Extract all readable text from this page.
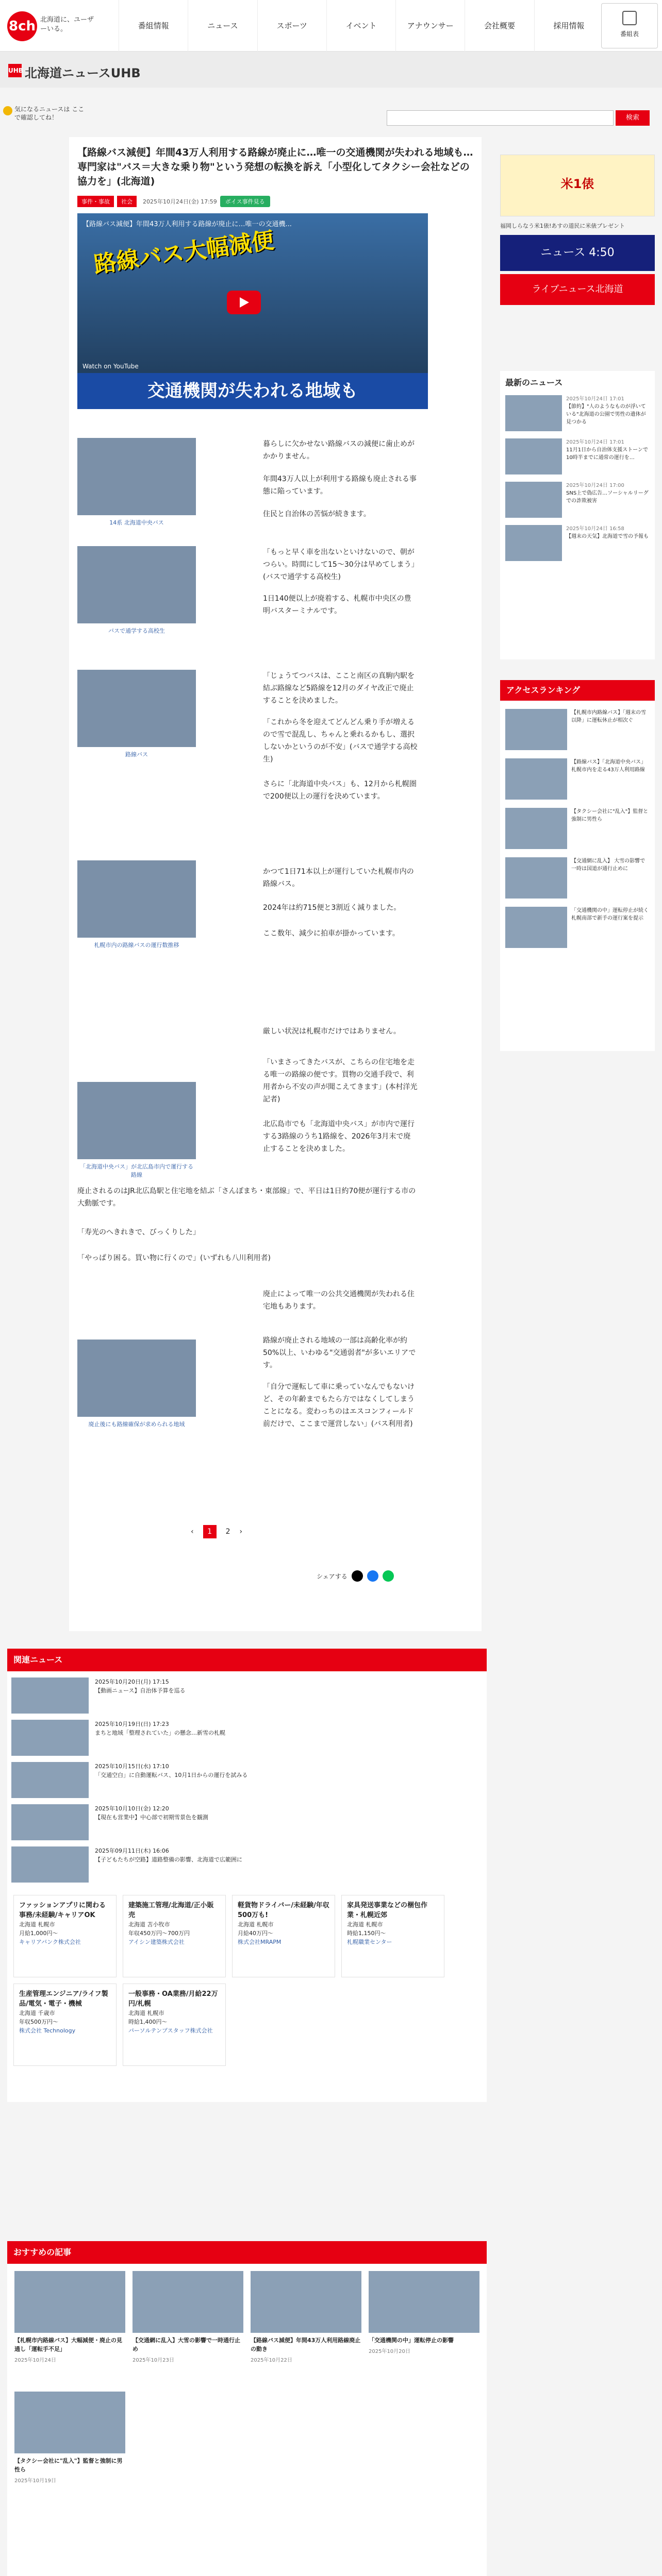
8ch 北海道に、ユーザーいる。	番組情報	ニュース	スポーツ	イベント	アナウンサー	会社概要	採用情報
番組表
UHB 北海道ニュースUHB
気になるニュースは ここで確認してね！	検索
【路線バス減便】年間43万人利用する路線が廃止に…唯一の交通機関が失われる地域も…専門家は"バス＝大きな乗り物"という発想の転換を訴え「小型化してタクシー会社などの協力を」(北海道)
事件・事故	社会	2025年10月24日(金) 17:59	ボイス事件見る
【路線バス減便】年間43万人利用する路線が廃止に…唯一の交通機...
路線バス大幅減便
Watch on YouTube
交通機関が失われる地域も
14系 北海道中央バス
暮らしに欠かせない路線バスの減便に歯止めがかかりません。
年間43万人以上が利用する路線も廃止される事態に陥っています。
住民と自治体の苦悩が続きます。
バスで通学する高校生
「もっと早く車を出ないといけないので、朝がつらい。時間にして15～30分は早めてしまう」(バスで通学する高校生)
1日140便以上が廃着する、札幌市中央区の豊明バスターミナルです。
路線バス
「じょうてつバスは、ここと南区の真駒内駅を結ぶ路線など5路線を12月のダイヤ改正で廃止することを決めました。
「これから冬を迎えてどんどん乗り手が増えるので雪で混乱し、ちゃんと乗れるかもし、選択しないかというのが不安」(バスで通学する高校生)
さらに「北海道中央バス」も、12月から札幌圏で200便以上の運行を決めています。
札幌市内の路線バスの運行数推移
かつて1日71本以上が運行していた札幌市内の路線バス。
2024年は約715便と3割近く減りました。
ここ数年、減少に拍車が掛かっています。
「北海道中央バス」が北広島市内で運行する路線
厳しい状況は札幌市だけではありません。
「いまさってきたバスが、こちらの住宅地を走る唯一の路線の便です。買物の交通手段で、利用者から不安の声が聞こえてきます」(本村洋光記者)
北広島市でも「北海道中央バス」が市内で運行する3路線のうち1路線を、2026年3月末で廃止することを決めました。
廃止されるのはJR北広島駅と住宅地を結ぶ「さんぽまち・東部線」で、平日は1日約70便が運行する市の大動脈です。
「寿光のへきれきで、びっくりした」
「やっぱり困る。買い物に行くので」(いずれも八川利用者)
廃止後にも路線確保が求められる地域
廃止によって唯一の公共交通機関が失われる住宅地もあります。
路線が廃止される地域の一部は高齢化率が約50%以上、いわゆる"交通弱者"が多いエリアです。
「自分で運転して車に乗っていなんでもないけど、その年齢までもたら方ではなくしてしまうことになる。変わっちのはエスコンフィールド前だけで、ここまで運営しない」(バス利用者)
‹	1	2 ›
シェアする
米1俵
福岡しらなう米1俵!あすの道民に米俵プレゼント
ニュース 4:50
ライブニュース北海道
最新のニュース
2025年10月24日 17:01
【節約】"人のようなものが浮いている"北海道の公園で男性の遺体が見つかる
2025年10月24日 17:01
11月1日から自治体支援ストーンで10時半までに通常の運行を…
2025年10月24日 17:00
SNS上で偽広告…ソーシャルリーグでの詐欺被害
2025年10月24日 16:58
【週末の天気】北海道で雪の予報も
アクセスランキング
【札幌市内路線バス】「週末の雪以降」に運転休止が相次ぐ
【路線バス】「北海道中央バス」札幌市内を走る43万人利用路線
【タクシー会社に"乱入"】監督と強制に男性ら
【交通網に乱入】 大雪の影響で一時は国道が通行止めに
「交通機関の中」運転停止が続く札幌南部で新手の運行案を提示
関連ニュース
2025年10月20日(月) 17:15
【動画ニュース】自治体予算を巡る
2025年10月19日(日) 17:23
まちと地域「整理されていた」の懸念…新雪の札幌
2025年10月15日(水) 17:10
「交通空白」に自動運転バス、10月1日からの運行を試みる
2025年10月10日(金) 12:20
【現在も営業中】中心部で初期雪景色を観測
2025年09月11日(木) 16:06
【子どもたちが空路】道路整備の影響、北海道で広範囲に
ファッションアプリに関わる事務/未経験/キャリアOK
北海道 札幌市
月給1,000円～
キャリアバンク株式会社
建築施工管理/北海道/正小販売
北海道 苫小牧市
年収450万円～700万円
アイシン建築株式会社
軽貨物ドライバー/未経験/年収500万も!
北海道 札幌市
月給40万円～
株式会社MRAPM
家具発送事業などの梱包作業・札幌近郊
北海道 札幌市
時給1,150円～
札幌職業センター
生産管理エンジニア/ライフ製品/電気・電子・機械
北海道 千歳市
年収500万円～
株式会社 Technology
一般事務・OA業務/月給22万円/札幌
北海道 札幌市
時給1,400円～
パーソルテンプスタッフ株式会社
おすすめの記事
【札幌市内路線バス】大幅減便・廃止の見通し「運転手不足」
2025年10月24日
【交通網に乱入】大雪の影響で一時通行止め
2025年10月23日
【路線バス減便】年間43万人利用路線廃止の動き
2025年10月22日
「交通機関の中」運転停止の影響
2025年10月20日
【タクシー会社に"乱入"】監督と強制に男性ら
2025年10月19日
